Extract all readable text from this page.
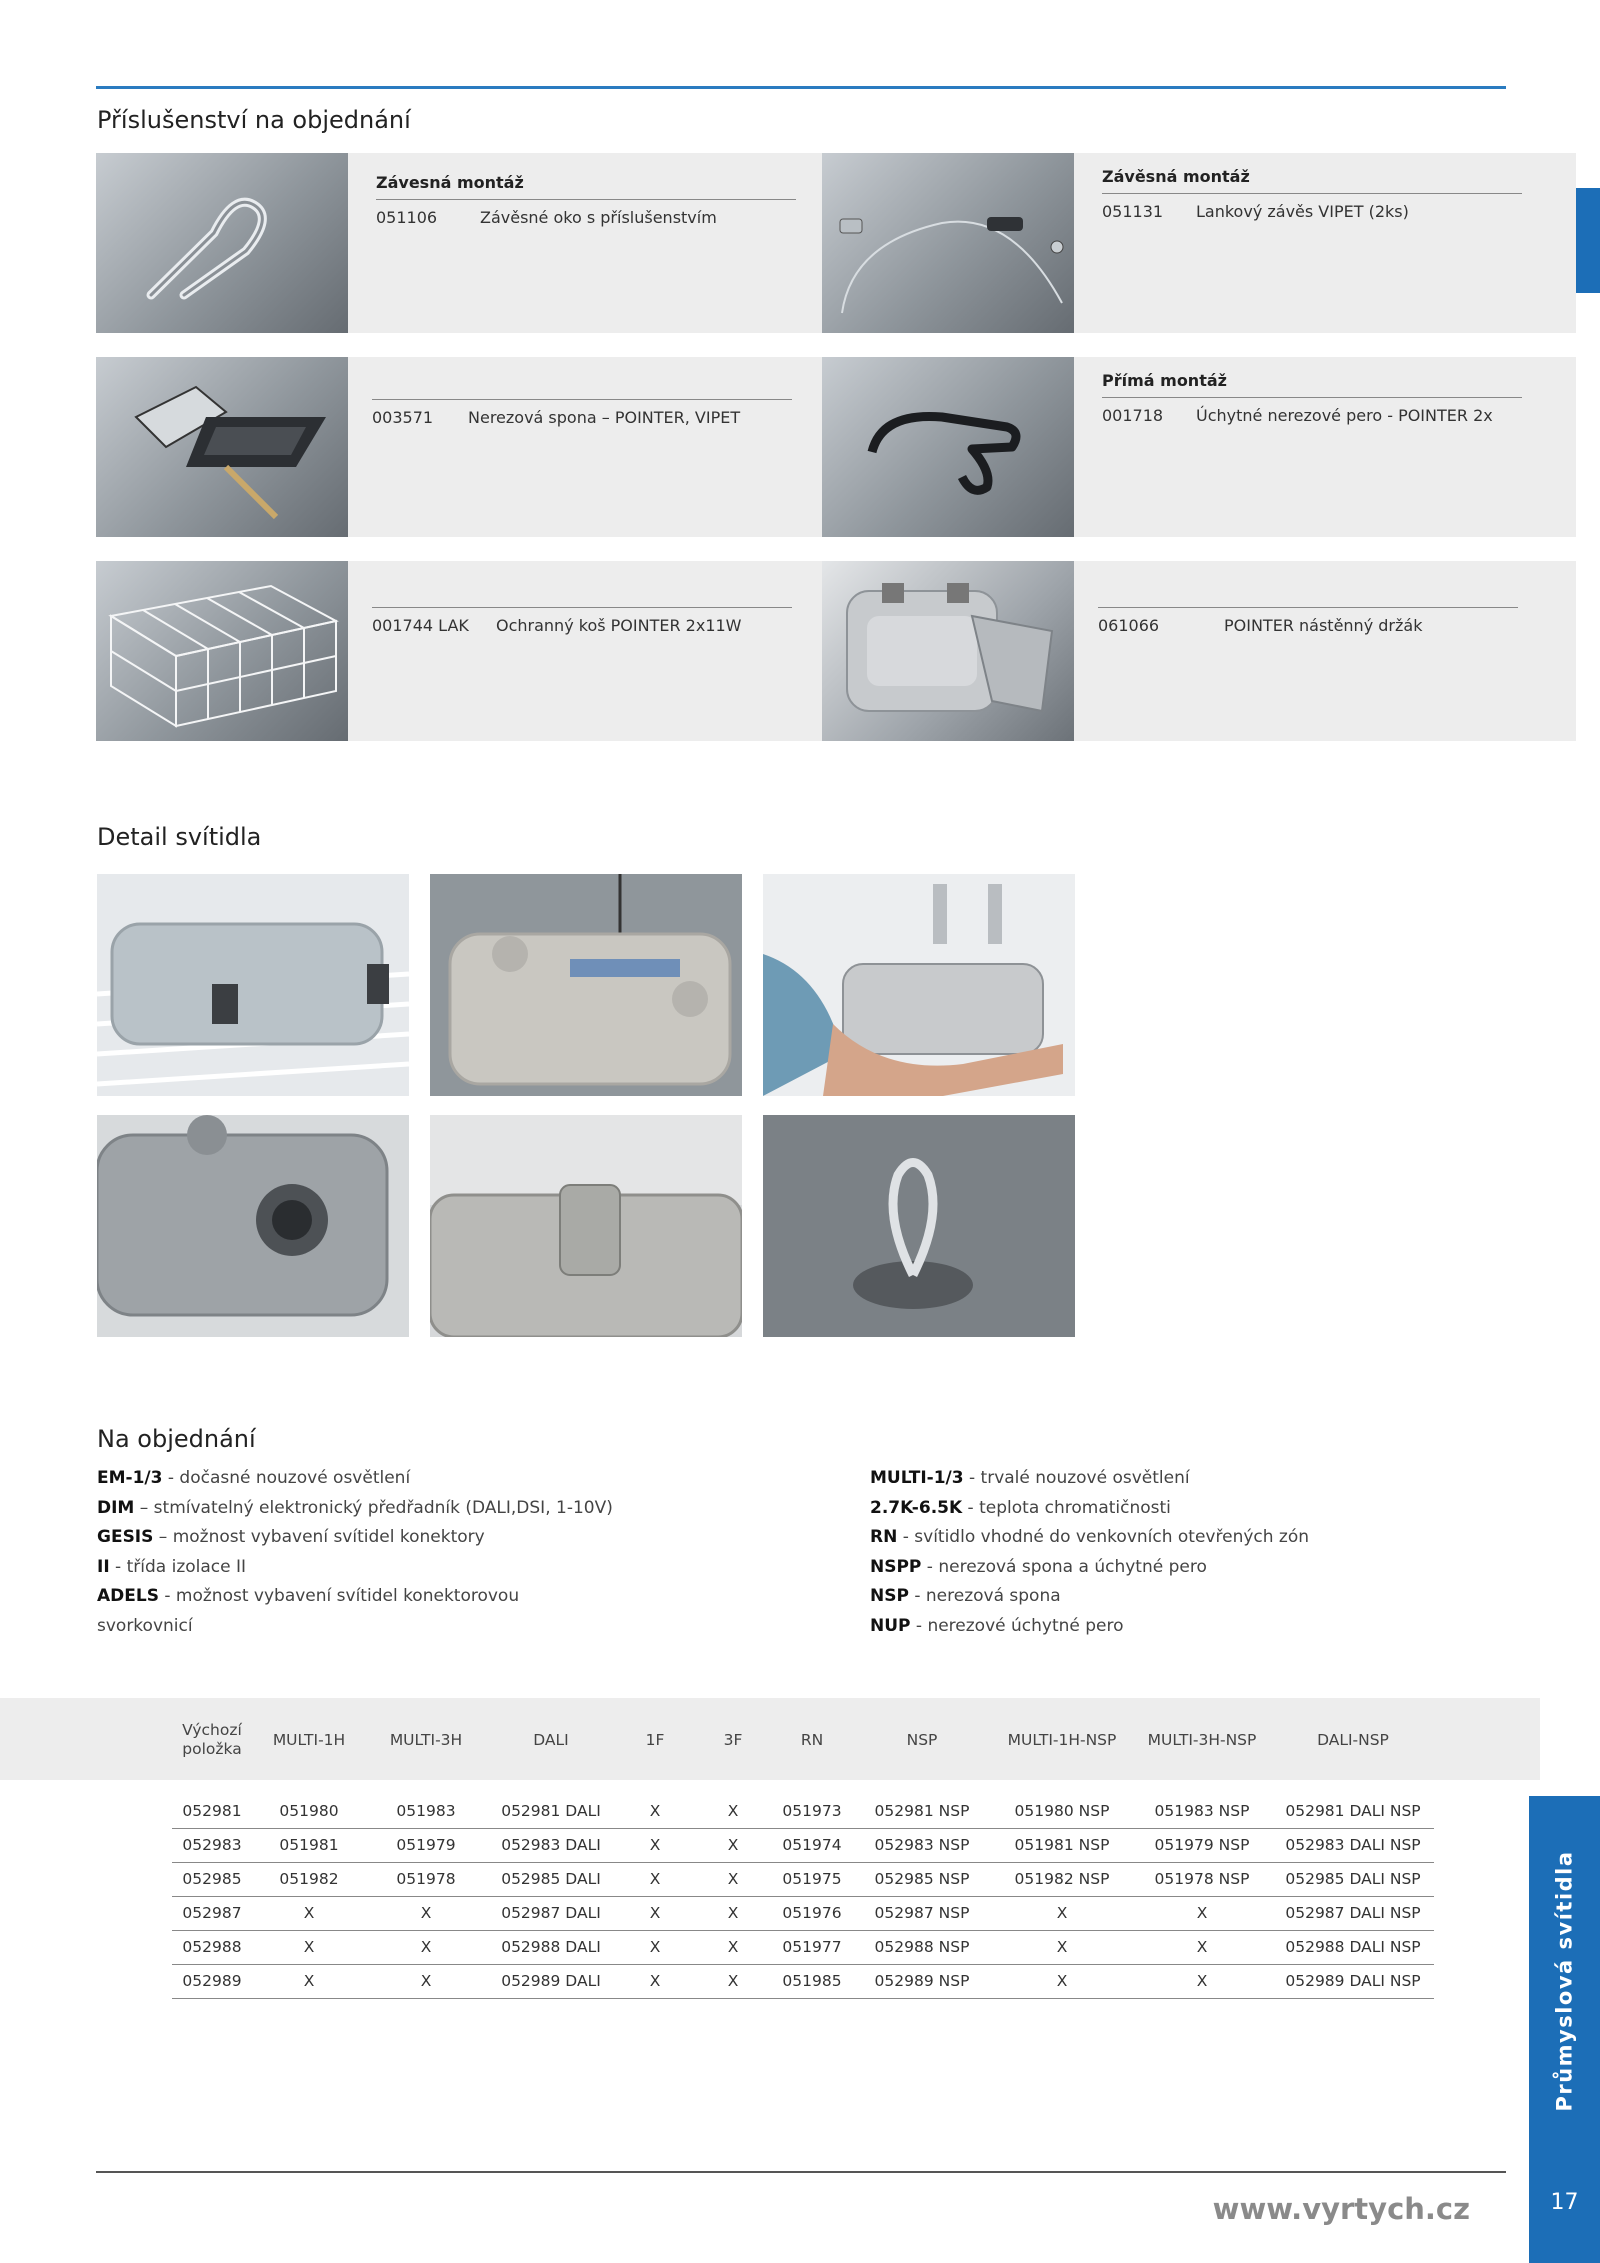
Příslušenství na objednání
Závesná montáž
051106	Závěsné oko s příslušenstvím
Závěsná montáž
051131	Lankový závěs VIPET (2ks)
003571	Nerezová spona – POINTER, VIPET
Přímá montáž
001718	Úchytné nerezové pero - POINTER 2x
001744 LAK	Ochranný koš POINTER 2x11W	061066	POINTER nástěnný držák
Detail svítidla
Na objednání
EM-1/3 - dočasné nouzové osvětlení
DIM – stmívatelný elektronický předřadník (DALI,DSI, 1-10V)
GESIS – možnost vybavení svítidel konektory
II - třída izolace II
ADELS - možnost vybavení svítidel konektorovou svorkovnicí
MULTI-1/3 - trvalé nouzové osvětlení
2.7K-6.5K - teplota chromatičnosti
RN - svítidlo vhodné do venkovních otevřených zón
NSPP - nerezová spona a úchytné pero
NSP - nerezová spona
NUP - nerezové úchytné pero
Výchozí položka	MULTI-1H	MULTI-3H	DALI	1F	3F	RN	NSP	MULTI-1H-NSP	MULTI-3H-NSP	DALI-NSP

052981	051980	051983	052981 DALI	X	X	051973	052981 NSP	051980 NSP	051983 NSP	052981 DALI NSP
052983	051981	051979	052983 DALI	X	X	051974	052983 NSP	051981 NSP	051979 NSP	052983 DALI NSP
052985	051982	051978	052985 DALI	X	X	051975	052985 NSP	051982 NSP	051978 NSP	052985 DALI NSP
052987	X	X	052987 DALI	X	X	051976	052987 NSP	X	X	052987 DALI NSP
052988	X	X	052988 DALI	X	X	051977	052988 NSP	X	X	052988 DALI NSP
052989	X	X	052989 DALI	X	X	051985	052989 NSP	X	X	052989 DALI NSP	Průmyslová svítidla
17
www.vyrtych.cz
